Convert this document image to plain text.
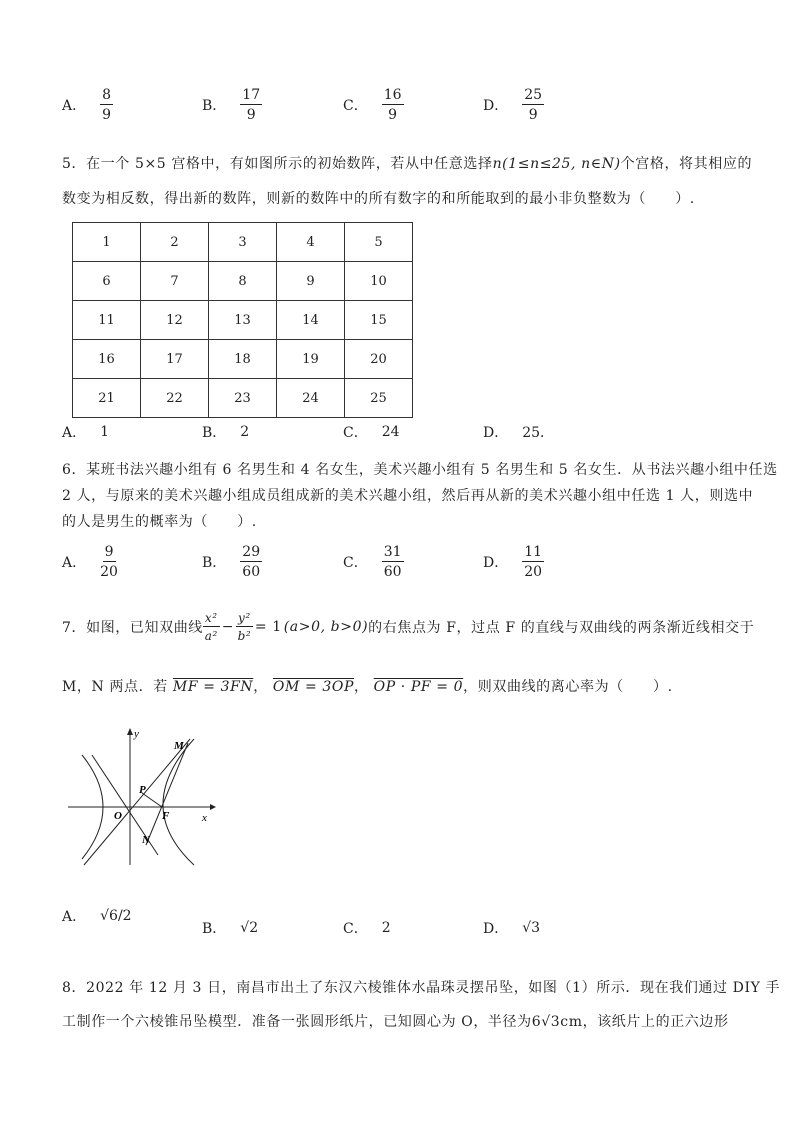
A． $\frac{8}{9}$	B． $\frac{17}{9}$	C． $\frac{16}{9}$	D． $\frac{25}{9}$
5．在一个 5×5 宫格中，有如图所示的初始数阵，若从中任意选择n(1≤n≤25, n∈N)个宫格，将其相应的
数变为相反数，得出新的数阵，则新的数阵中的所有数字的和所能取到的最小非负整数为（　　）.
1	2	3	4	5
6	7	8	9	10
11	12	13	14	15
16	17	18	19	20
21	22	23	24	25
A． 1	B． 2	C． 24	D． 25．
6．某班书法兴趣小组有 6 名男生和 4 名女生，美术兴趣小组有 5 名男生和 5 名女生．从书法兴趣小组中任选
2 人，与原来的美术兴趣小组成员组成新的美术兴趣小组，然后再从新的美术兴趣小组中任选 1 人，则选中
的人是男生的概率为（　　）.
A． $\frac{9}{20}$	B． $\frac{29}{60}$	C． $\frac{31}{60}$	D． $\frac{11}{20}$
7．如图，已知双曲线 $\frac{\text{x²}}{\text{a²}} - \frac{\text{y²}}{\text{b²}} = 1$ (a>0, b>0) 的右焦点为 F，过点 F 的直线与双曲线的两条渐近线相交于
M，N 两点．若 MF = 3FN， OM = 3OP， OP · PF = 0，则双曲线的离心率为（　　）.
y
x
O
M
N
P
F
A． √6/2
B． √2	C． 2	D． √3
8．2022 年 12 月 3 日，南昌市出土了东汉六棱锥体水晶珠灵摆吊坠，如图（1）所示．现在我们通过 DIY 手
工制作一个六棱锥吊坠模型．准备一张圆形纸片，已知圆心为 O，半径为6√3cm，该纸片上的正六边形
